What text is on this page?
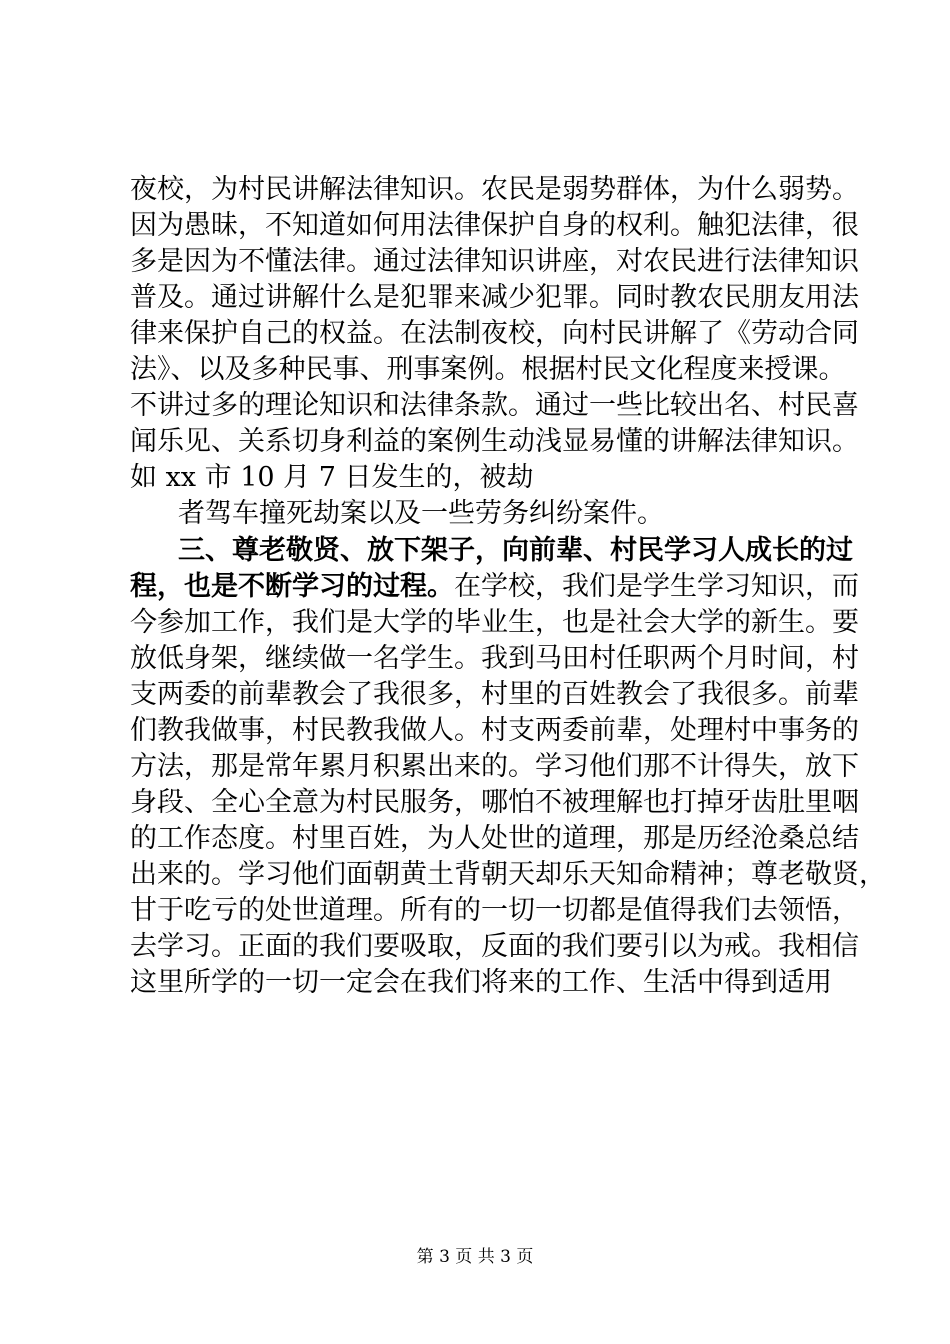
夜校，为村民讲解法律知识。农民是弱势群体，为什么弱势。
因为愚昧，不知道如何用法律保护自身的权利。触犯法律，很
多是因为不懂法律。通过法律知识讲座，对农民进行法律知识
普及。通过讲解什么是犯罪来减少犯罪。同时教农民朋友用法
律来保护自己的权益。在法制夜校，向村民讲解了《劳动合同
法》、以及多种民事、刑事案例。根据村民文化程度来授课。
不讲过多的理论知识和法律条款。通过一些比较出名、村民喜
闻乐见、关系切身利益的案例生动浅显易懂的讲解法律知识。
如 xx 市 10 月 7 日发生的，被劫
者驾车撞死劫案以及一些劳务纠纷案件。
三、尊老敬贤、放下架子，向前辈、村民学习人成长的过
程，也是不断学习的过程。在学校，我们是学生学习知识，而
今参加工作，我们是大学的毕业生，也是社会大学的新生。要
放低身架，继续做一名学生。我到马田村任职两个月时间，村
支两委的前辈教会了我很多，村里的百姓教会了我很多。前辈
们教我做事，村民教我做人。村支两委前辈，处理村中事务的
方法，那是常年累月积累出来的。学习他们那不计得失，放下
身段、全心全意为村民服务，哪怕不被理解也打掉牙齿肚里咽
的工作态度。村里百姓，为人处世的道理，那是历经沧桑总结
出来的。学习他们面朝黄土背朝天却乐天知命精神；尊老敬贤，
甘于吃亏的处世道理。所有的一切一切都是值得我们去领悟，
去学习。正面的我们要吸取，反面的我们要引以为戒。我相信
这里所学的一切一定会在我们将来的工作、生活中得到适用
第 3 页 共 3 页
